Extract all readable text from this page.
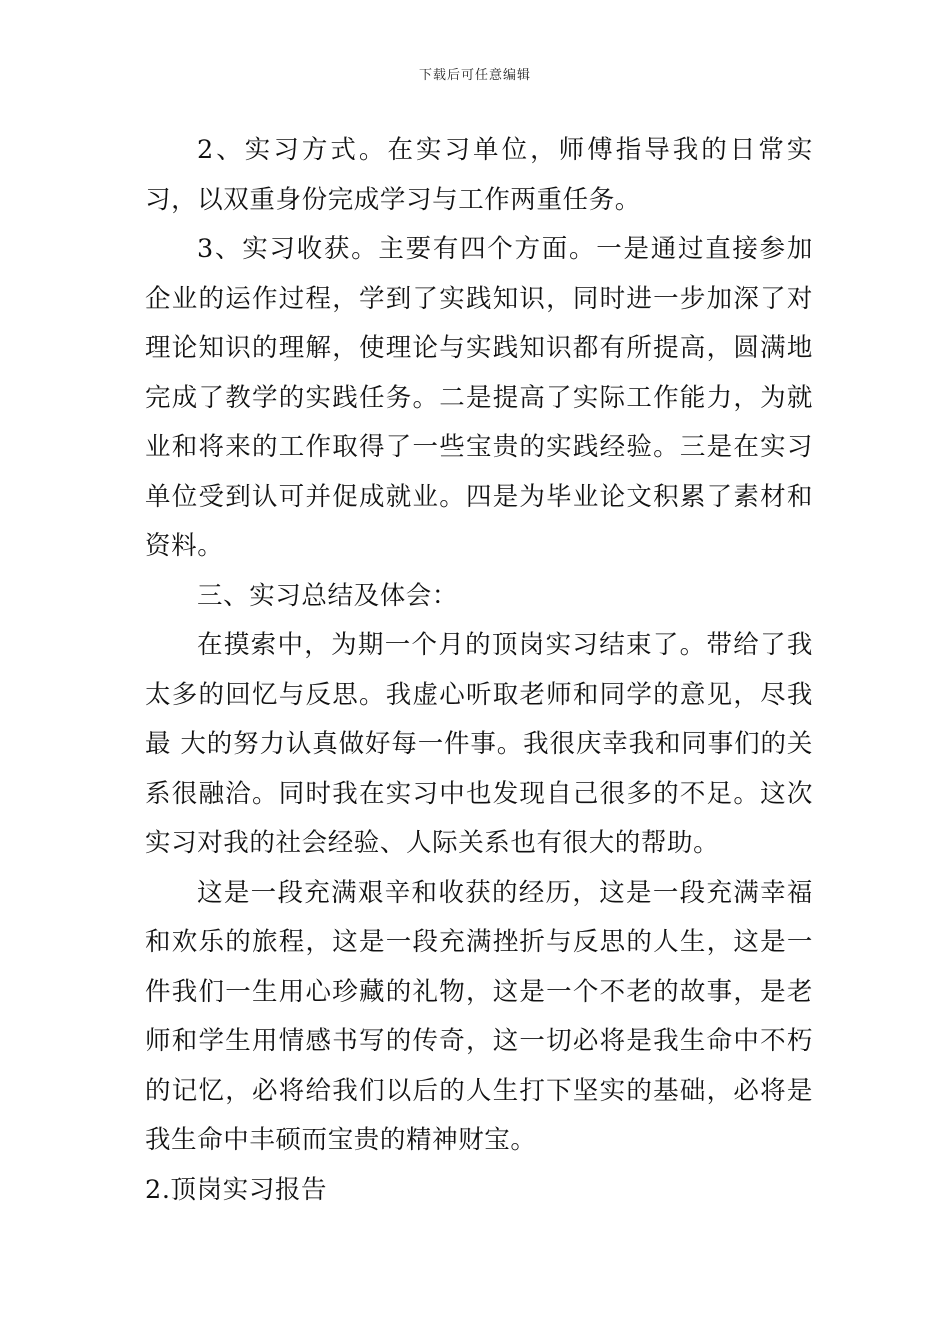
下载后可任意编辑

2、实习方式。在实习单位，师傅指导我的日常实习，以双重身份完成学习与工作两重任务。

3、实习收获。主要有四个方面。一是通过直接参加企业的运作过程，学到了实践知识，同时进一步加深了对理论知识的理解，使理论与实践知识都有所提高，圆满地完成了教学的实践任务。二是提高了实际工作能力，为就业和将来的工作取得了一些宝贵的实践经验。三是在实习单位受到认可并促成就业。四是为毕业论文积累了素材和资料。

三、实习总结及体会：

在摸索中，为期一个月的顶岗实习结束了。带给了我太多的回忆与反思。我虚心听取老师和同学的意见，尽我最 大的努力认真做好每一件事。我很庆幸我和同事们的关系很融洽。同时我在实习中也发现自己很多的不足。这次实习对我的社会经验、人际关系也有很大的帮助。

这是一段充满艰辛和收获的经历，这是一段充满幸福和欢乐的旅程，这是一段充满挫折与反思的人生，这是一件我们一生用心珍藏的礼物，这是一个不老的故事，是老师和学生用情感书写的传奇，这一切必将是我生命中不朽的记忆，必将给我们以后的人生打下坚实的基础，必将是我生命中丰硕而宝贵的精神财宝。

2.顶岗实习报告
